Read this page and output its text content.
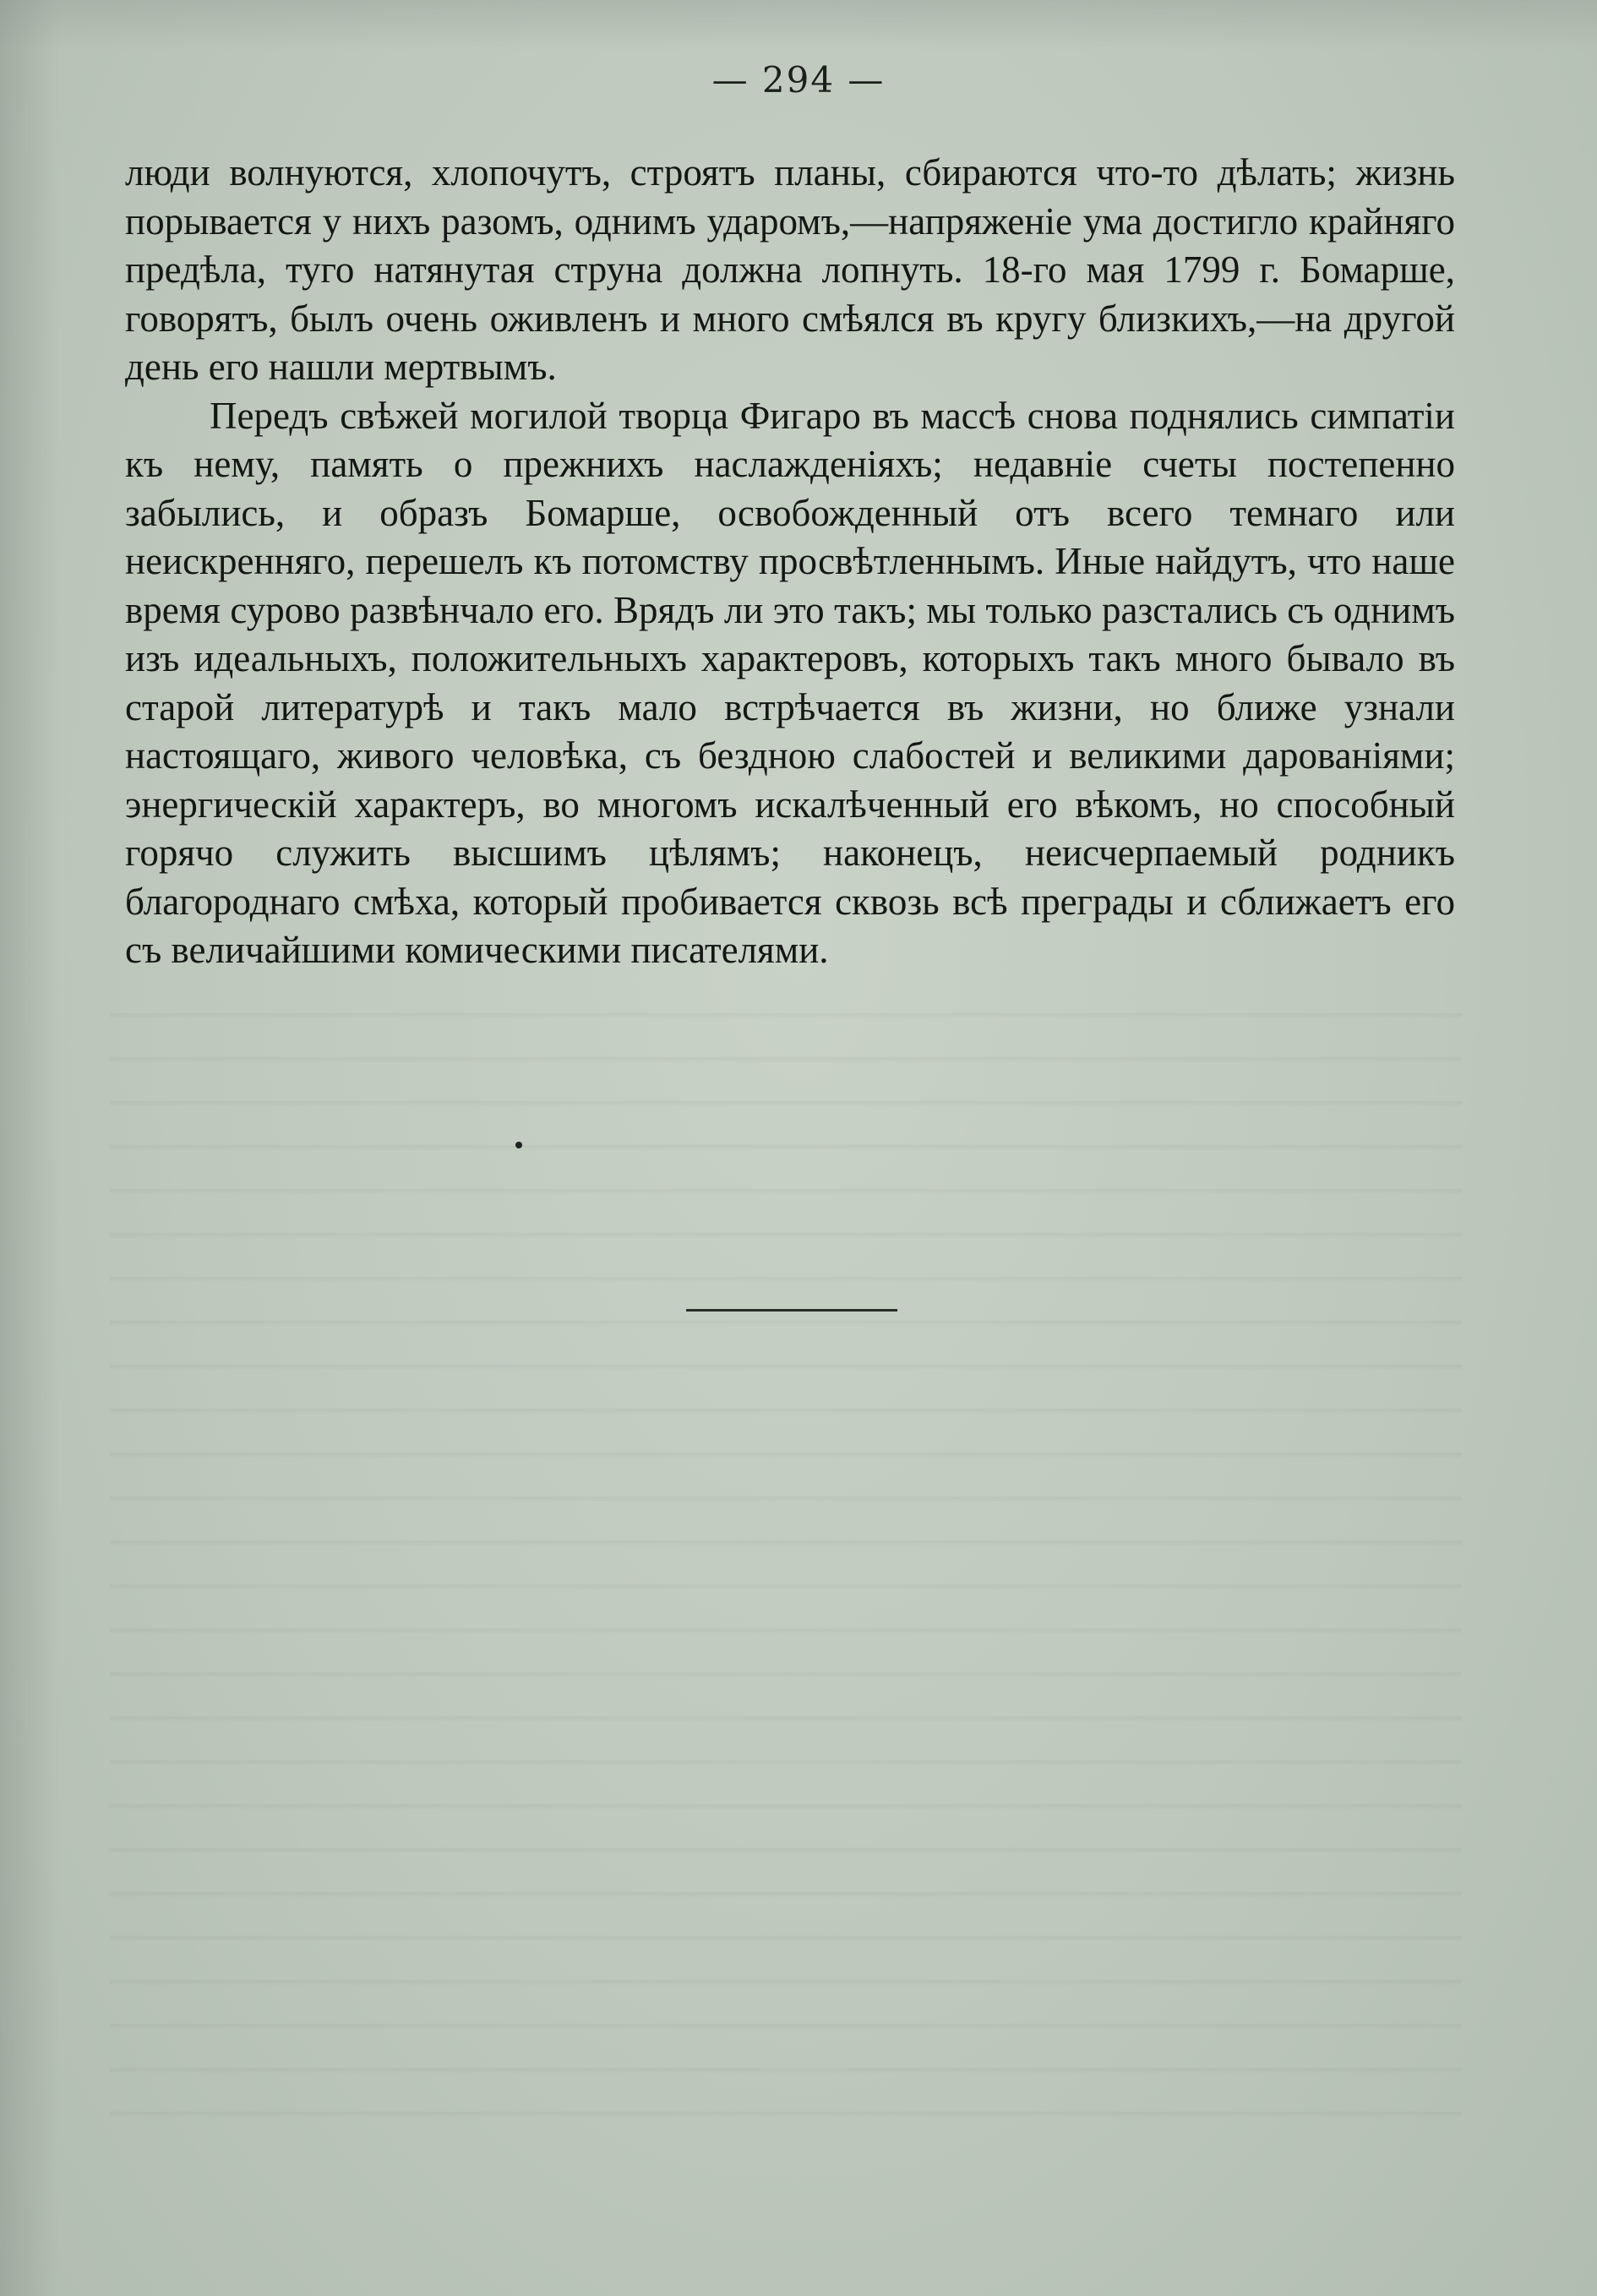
— 294 —

люди волнуются, хлопочутъ, строятъ планы, сбираются что-то дѣлать; жизнь порывается у нихъ разомъ, однимъ ударомъ,—напряженіе ума достигло крайняго предѣла, туго натянутая струна должна лопнуть. 18-го мая 1799 г. Бомарше, говорятъ, былъ очень оживленъ и много смѣялся въ кругу близкихъ,—на другой день его нашли мертвымъ.

Передъ свѣжей могилой творца Фигаро въ массѣ снова поднялись симпатіи къ нему, память о прежнихъ наслажденіяхъ; недавніе счеты постепенно забылись, и образъ Бомарше, освобожденный отъ всего темнаго или неискренняго, перешелъ къ потомству просвѣтленнымъ. Иные найдутъ, что наше время сурово развѣнчало его. Врядъ ли это такъ; мы только разстались съ однимъ изъ идеальныхъ, положительныхъ характеровъ, которыхъ такъ много бывало въ старой литературѣ и такъ мало встрѣчается въ жизни, но ближе узнали настоящаго, живого человѣка, съ бездною слабостей и великими дарованіями; энергическій характеръ, во многомъ искалѣченный его вѣкомъ, но способный горячо служить высшимъ цѣлямъ; наконецъ, неисчерпаемый родникъ благороднаго смѣха, который пробивается сквозь всѣ преграды и сближаетъ его съ величайшими комическими писателями.
